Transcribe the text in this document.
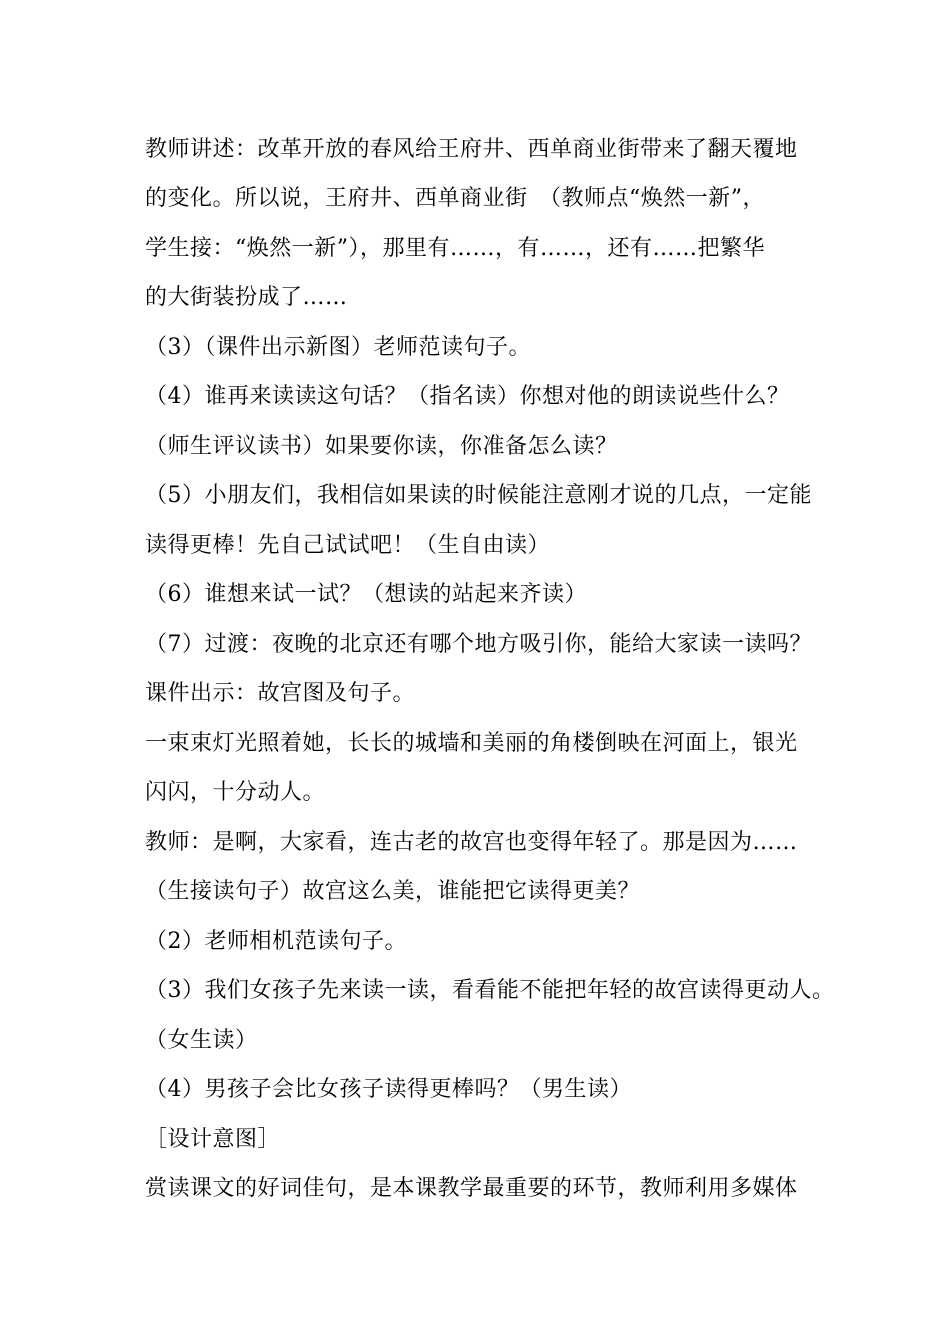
教师讲述：改革开放的春风给王府井、西单商业街带来了翻天覆地
的变化。所以说，王府井、西单商业街　（教师点“焕然一新”，
学生接：“焕然一新”），那里有……，有……，还有……把繁华
的大街装扮成了……
（3）（课件出示新图）老师范读句子。
（4）谁再来读读这句话？（指名读）你想对他的朗读说些什么？
（师生评议读书）如果要你读，你准备怎么读？
（5）小朋友们，我相信如果读的时候能注意刚才说的几点，一定能
读得更棒！先自己试试吧！（生自由读）
（6）谁想来试一试？（想读的站起来齐读）
（7）过渡：夜晚的北京还有哪个地方吸引你，能给大家读一读吗？
课件出示：故宫图及句子。
一束束灯光照着她，长长的城墙和美丽的角楼倒映在河面上，银光
闪闪，十分动人。
教师：是啊，大家看，连古老的故宫也变得年轻了。那是因为……
（生接读句子）故宫这么美，谁能把它读得更美？
（2）老师相机范读句子。
（3）我们女孩子先来读一读，看看能不能把年轻的故宫读得更动人。
（女生读）
（4）男孩子会比女孩子读得更棒吗？（男生读）
［设计意图］
赏读课文的好词佳句，是本课教学最重要的环节，教师利用多媒体
